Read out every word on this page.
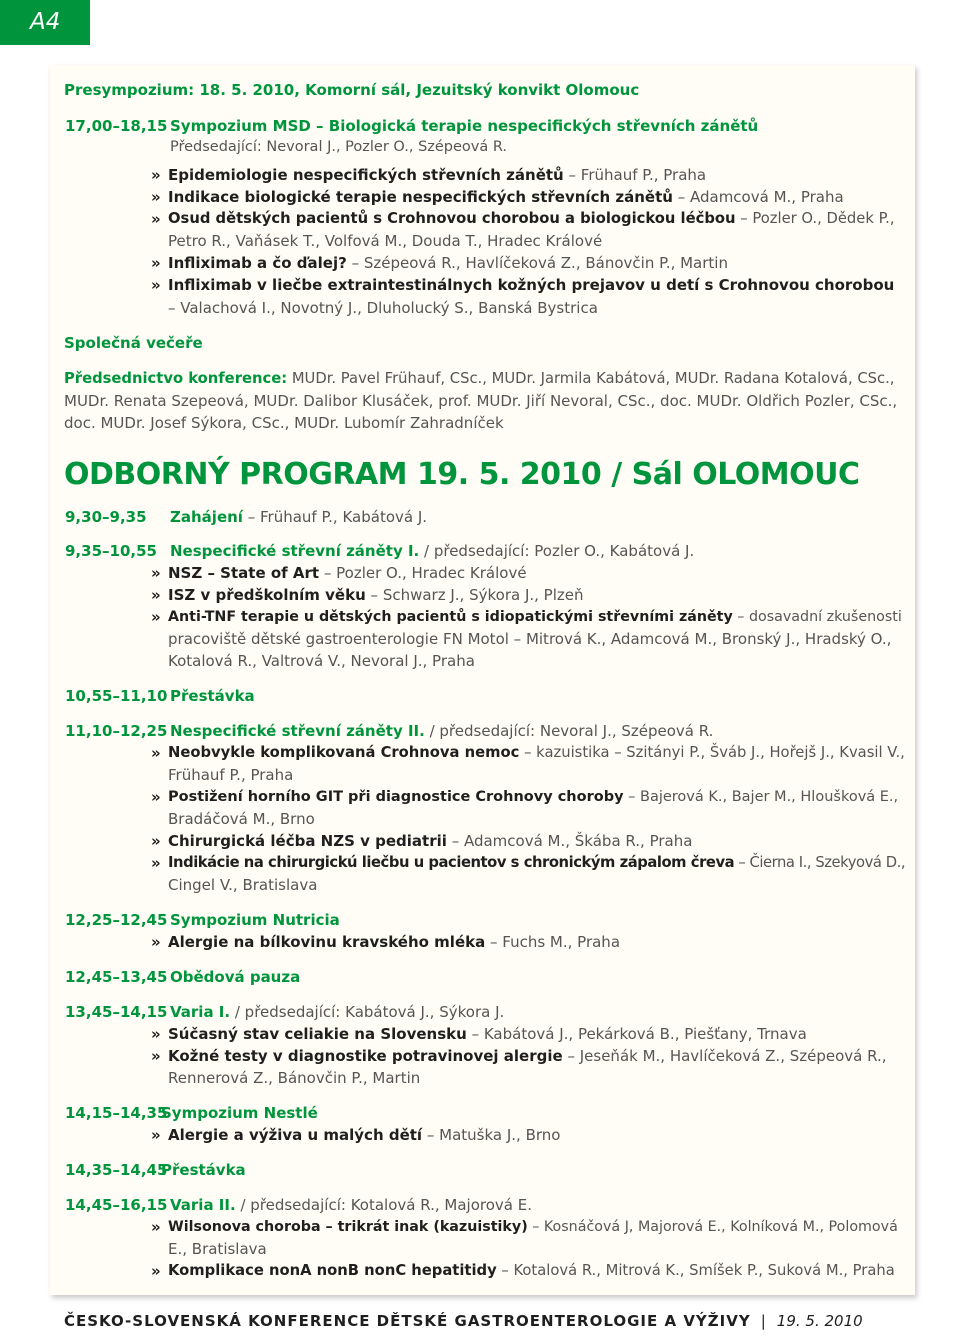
A4
Presympozium: 18. 5. 2010, Komorní sál, Jezuitský konvikt Olomouc
17,00–18,15 Sympozium MSD – Biologická terapie nespecifických střevních zánětů
Předsedající: Nevoral J., Pozler O., Szépeová R.
» Epidemiologie nespecifických střevních zánětů – Frühauf P., Praha
» Indikace biologické terapie nespecifických střevních zánětů – Adamcová M., Praha
» Osud dětských pacientů s Crohnovou chorobou a biologickou léčbou – Pozler O., Dědek P.,
Petro R., Vaňásek T., Volfová M., Douda T., Hradec Králové
» Infliximab a čo ďalej? – Szépeová R., Havlíčeková Z., Bánovčin P., Martin
» Infliximab v liečbe extraintestinálnych kožných prejavov u detí s Crohnovou chorobou
– Valachová I., Novotný J., Dluholucký S., Banská Bystrica
Společná večeře
Předsednictvo konference: MUDr. Pavel Frühauf, CSc., MUDr. Jarmila Kabátová, MUDr. Radana Kotalová, CSc.,
MUDr. Renata Szepeová, MUDr. Dalibor Klusáček, prof. MUDr. Jiří Nevoral, CSc., doc. MUDr. Oldřich Pozler, CSc.,
doc. MUDr. Josef Sýkora, CSc., MUDr. Lubomír Zahradníček
ODBORNÝ PROGRAM 19. 5. 2010 / Sál OLOMOUC
9,30–9,35 Zahájení – Frühauf P., Kabátová J.
9,35–10,55 Nespecifické střevní záněty I. / předsedající: Pozler O., Kabátová J.
» NSZ – State of Art – Pozler O., Hradec Králové
» ISZ v předškolním věku – Schwarz J., Sýkora J., Plzeň
» Anti-TNF terapie u dětských pacientů s idiopatickými střevními záněty – dosavadní zkušenosti
pracoviště dětské gastroenterologie FN Motol – Mitrová K., Adamcová M., Bronský J., Hradský O.,
Kotalová R., Valtrová V., Nevoral J., Praha
10,55–11,10 Přestávka
11,10–12,25 Nespecifické střevní záněty II. / předsedající: Nevoral J., Szépeová R.
» Neobvykle komplikovaná Crohnova nemoc – kazuistika – Szitányi P., Šváb J., Hořejš J., Kvasil V.,
Frühauf P., Praha
» Postižení horního GIT při diagnostice Crohnovy choroby – Bajerová K., Bajer M., Hloušková E.,
Bradáčová M., Brno
» Chirurgická léčba NZS v pediatrii – Adamcová M., Škába R., Praha
» Indikácie na chirurgickú liečbu u pacientov s chronickým zápalom čreva – Čierna I., Szekyová D.,
Cingel V., Bratislava
12,25–12,45 Sympozium Nutricia
» Alergie na bílkovinu kravského mléka – Fuchs M., Praha
12,45–13,45 Obědová pauza
13,45–14,15 Varia I. / předsedající: Kabátová J., Sýkora J.
» Súčasný stav celiakie na Slovensku – Kabátová J., Pekárková B., Piešťany, Trnava
» Kožné testy v diagnostike potravinovej alergie – Jeseňák M., Havlíčeková Z., Szépeová R.,
Rennerová Z., Bánovčin P., Martin
14,15–14,35
Sympozium Nestlé
» Alergie a výživa u malých dětí – Matuška J., Brno
14,35–14,45
Přestávka
14,45–16,15 Varia II. / předsedající: Kotalová R., Majorová E.
» Wilsonova choroba – trikrát inak (kazuistiky) – Kosnáčová J, Majorová E., Kolníková M., Polomová
E., Bratislava
» Komplikace nonA nonB nonC hepatitidy – Kotalová R., Mitrová K., Smíšek P., Suková M., Praha
ČESKO-SLOVENSKÁ KONFERENCE DĚTSKÉ GASTROENTEROLOGIE A VÝŽIVY | 19. 5. 2010
